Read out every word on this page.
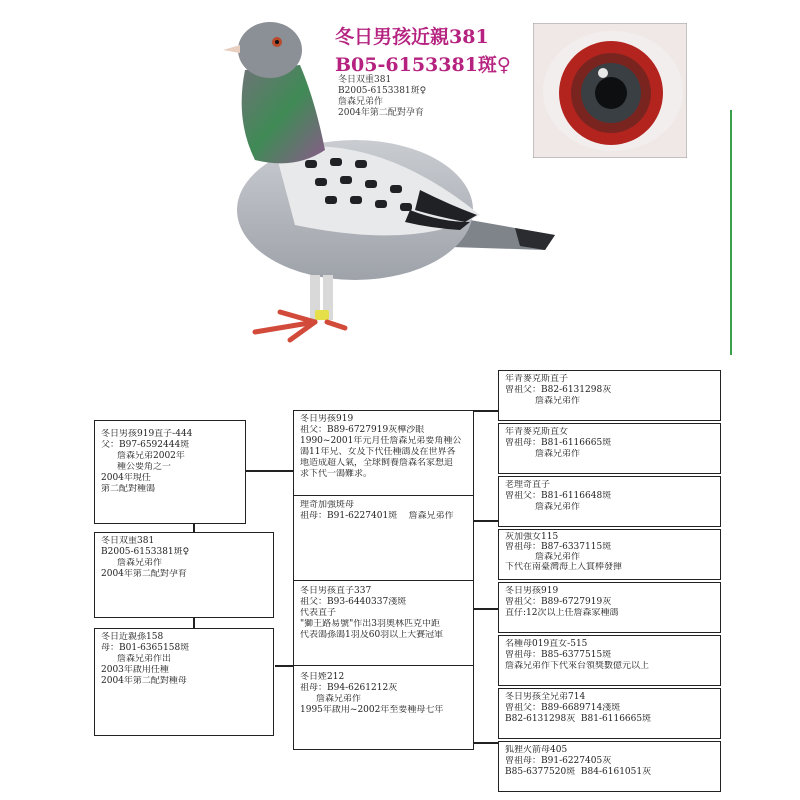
冬日男孩近親381
B05-6153381斑♀
冬日双重381
B2005-6153381斑♀
詹森兄弟作
2004年第二配對孕育
冬日男孩919直子-444
父：B97-6592444斑
詹森兄弟2002年
種公要角之一
2004年現任
第二配對種鴿
冬日双重381
B2005-6153381斑♀
詹森兄弟作
2004年第二配對孕育
冬日近親孫158
母：B01-6365158斑
詹森兄弟作出
2003年啟用任種
2004年第二配對種母
冬日男孩919
祖父：B89-6727919灰樺沙眼
1990~2001年元月任詹森兄弟要角種公
鴿11年兄、女及下代任種鴿及在世界各
地造成超人氣，全球飼養詹森名家想追
求下代一鴿難求。
理奇加強斑母
祖母：B91-6227401斑    詹森兄弟作
冬日男孩直子337
祖父：B93-6440337淺斑
代表直子
"獅王路易號"作出3羽奧林匹克中距
代表鴿孫鴿1羽及60羽以上大賽冠軍
冬日姪212
祖母：B94-6261212灰
詹森兄弟作
1995年啟用~2002年至要種母七年
年青麥克斯直子
曾祖父：B82-6131298灰
詹森兄弟作
年青麥克斯直女
曾祖母：B81-6116665斑
詹森兄弟作
老理奇直子
曾祖父：B81-6116648斑
詹森兄弟作
灰加強女115
曾祖母：B87-6337115斑
詹森兄弟作
下代在南臺灣海上入賞棒發揮
冬日男孩919
曾祖父：B89-6727919灰
直仔:12次以上任詹森家種鴿
名種母019直女-515
曾祖母：B85-6377515斑
詹森兄弟作下代來台領獎數億元以上
冬日男孩全兄弟714
曾祖父：B89-6689714淺斑
B82-6131298灰  B81-6116665斑
狐狸火箭母405
曾祖母：B91-6227405灰
B85-6377520斑  B84-6161051灰
